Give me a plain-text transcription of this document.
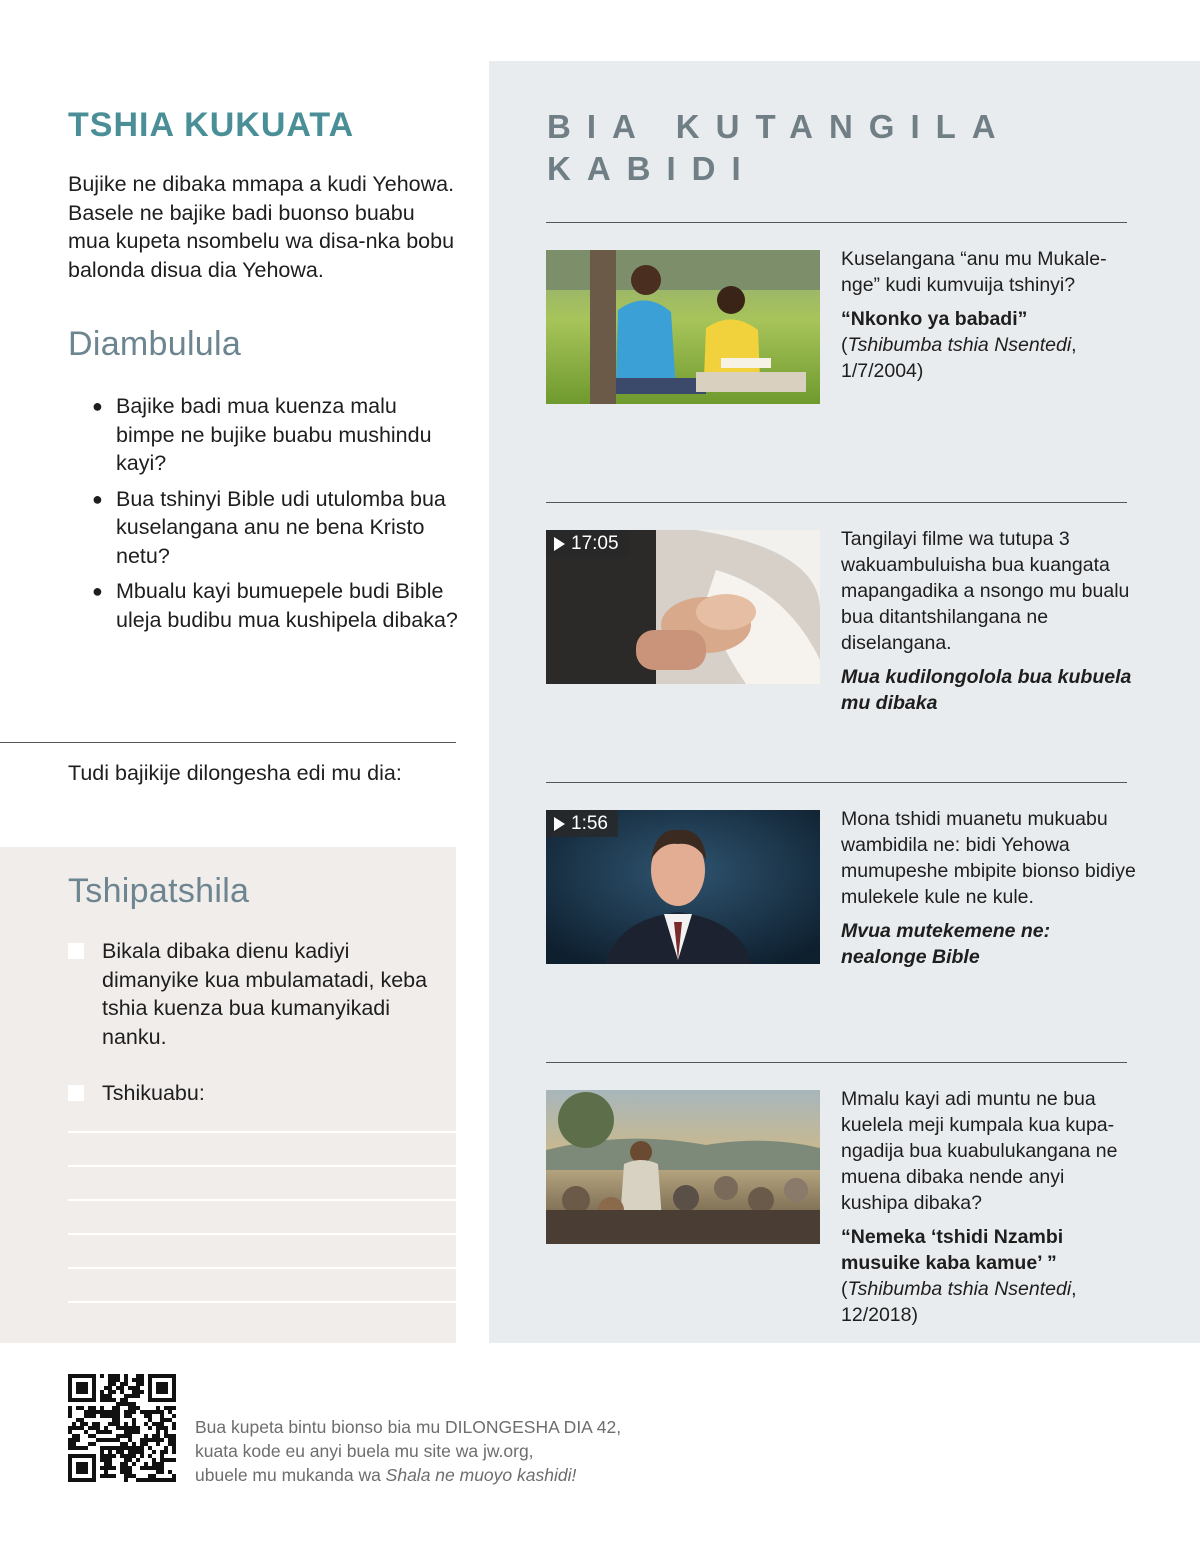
TSHIA KUKUATA

Bujike ne dibaka mmapa a kudi Yehowa. Basele ne bajike badi buonso buabu mua kupeta nsombelu wa disa-nka bobu balonda disua dia Yehowa.

Diambulula
● Bajike badi mua kuenza malu bimpe ne bujike buabu mushindu kayi?
● Bua tshinyi Bible udi utulomba bua kuselangana anu ne bena Kristo netu?
● Mbualu kayi bumuepele budi Bible uleja budibu mua kushipela dibaka?

Tudi bajikije dilongesha edi mu dia:

Tshipatshila
Bikala dibaka dienu kadiyi dimanyike kua mbulamatadi, keba tshia kuenza bua kumanyikadi nanku.
Tshikuabu:
BIA KUTANGILA KABIDI
Kuselangana “anu mu Mukale-nge” kudi kumvuija tshinyi?
“Nkonko ya babadi”
(Tshibumba tshia Nsentedi,
1/7/2004)
17:05	Tangilayi filme wa tutupa 3 wakuambuluisha bua kuangata mapangadika a nsongo mu bualu bua ditantshilangana ne diselangana.
Mua kudilongolola bua kubuela mu dibaka
1:56	Mona tshidi muanetu mukuabu wambidila ne: bidi Yehowa mumupeshe mbipite bionso bidiye mulekele kule ne kule.
Mvua mutekemene ne: nealonge Bible
Mmalu kayi adi muntu ne bua kuelela meji kumpala kua kupa-ngadija bua kuabulukangana ne muena dibaka nende anyi kushipa dibaka?
“Nemeka ‘tshidi Nzambi musuike kaba kamue’ ”
(Tshibumba tshia Nsentedi,
12/2018)
Bua kupeta bintu bionso bia mu DILONGESHA DIA 42,
kuata kode eu anyi buela mu site wa jw.org,
ubuele mu mukanda wa Shala ne muoyo kashidi!
